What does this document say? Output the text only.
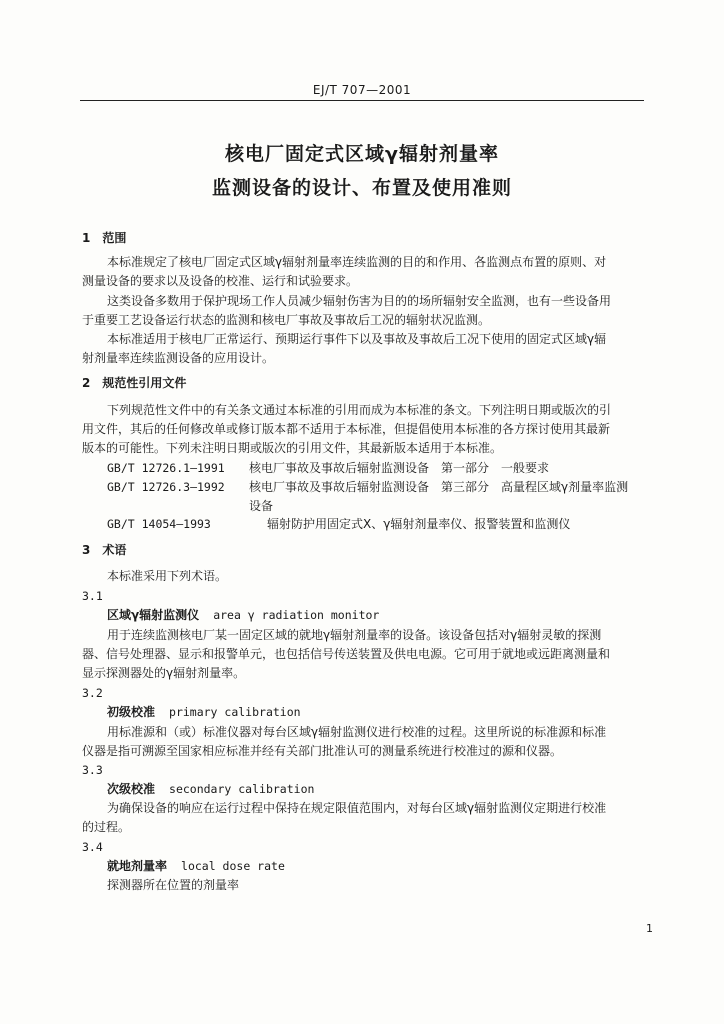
EJ/T 707—2001
核电厂固定式区域γ辐射剂量率
监测设备的设计、布置及使用准则
1　范围
本标准规定了核电厂固定式区域γ辐射剂量率连续监测的目的和作用、各监测点布置的原则、对
测量设备的要求以及设备的校准、运行和试验要求。
这类设备多数用于保护现场工作人员减少辐射伤害为目的的场所辐射安全监测，也有一些设备用
于重要工艺设备运行状态的监测和核电厂事故及事故后工况的辐射状况监测。
本标准适用于核电厂正常运行、预期运行事件下以及事故及事故后工况下使用的固定式区域γ辐
射剂量率连续监测设备的应用设计。
2　规范性引用文件
下列规范性文件中的有关条文通过本标准的引用而成为本标准的条文。下列注明日期或版次的引
用文件，其后的任何修改单或修订版本都不适用于本标准，但提倡使用本标准的各方探讨使用其最新
版本的可能性。下列未注明日期或版次的引用文件，其最新版本适用于本标准。
GB/T 12726.1—1991 核电厂事故及事故后辐射监测设备　第一部分　一般要求
GB/T 12726.3—1992 核电厂事故及事故后辐射监测设备　第三部分　高量程区域γ剂量率监测
设备
GB/T 14054—1993	辐射防护用固定式X、γ辐射剂量率仪、报警装置和监测仪
3　术语
本标准采用下列术语。
3.1
区域γ辐射监测仪 area γ radiation monitor
用于连续监测核电厂某一固定区域的就地γ辐射剂量率的设备。该设备包括对γ辐射灵敏的探测
器、信号处理器、显示和报警单元，也包括信号传送装置及供电电源。它可用于就地或远距离测量和
显示探测器处的γ辐射剂量率。
3.2
初级校准 primary calibration
用标准源和（或）标准仪器对每台区域γ辐射监测仪进行校准的过程。这里所说的标准源和标准
仪器是指可溯源至国家相应标准并经有关部门批准认可的测量系统进行校准过的源和仪器。
3.3
次级校准 secondary calibration
为确保设备的响应在运行过程中保持在规定限值范围内，对每台区域γ辐射监测仪定期进行校准
的过程。
3.4
就地剂量率 local dose rate
探测器所在位置的剂量率
1
